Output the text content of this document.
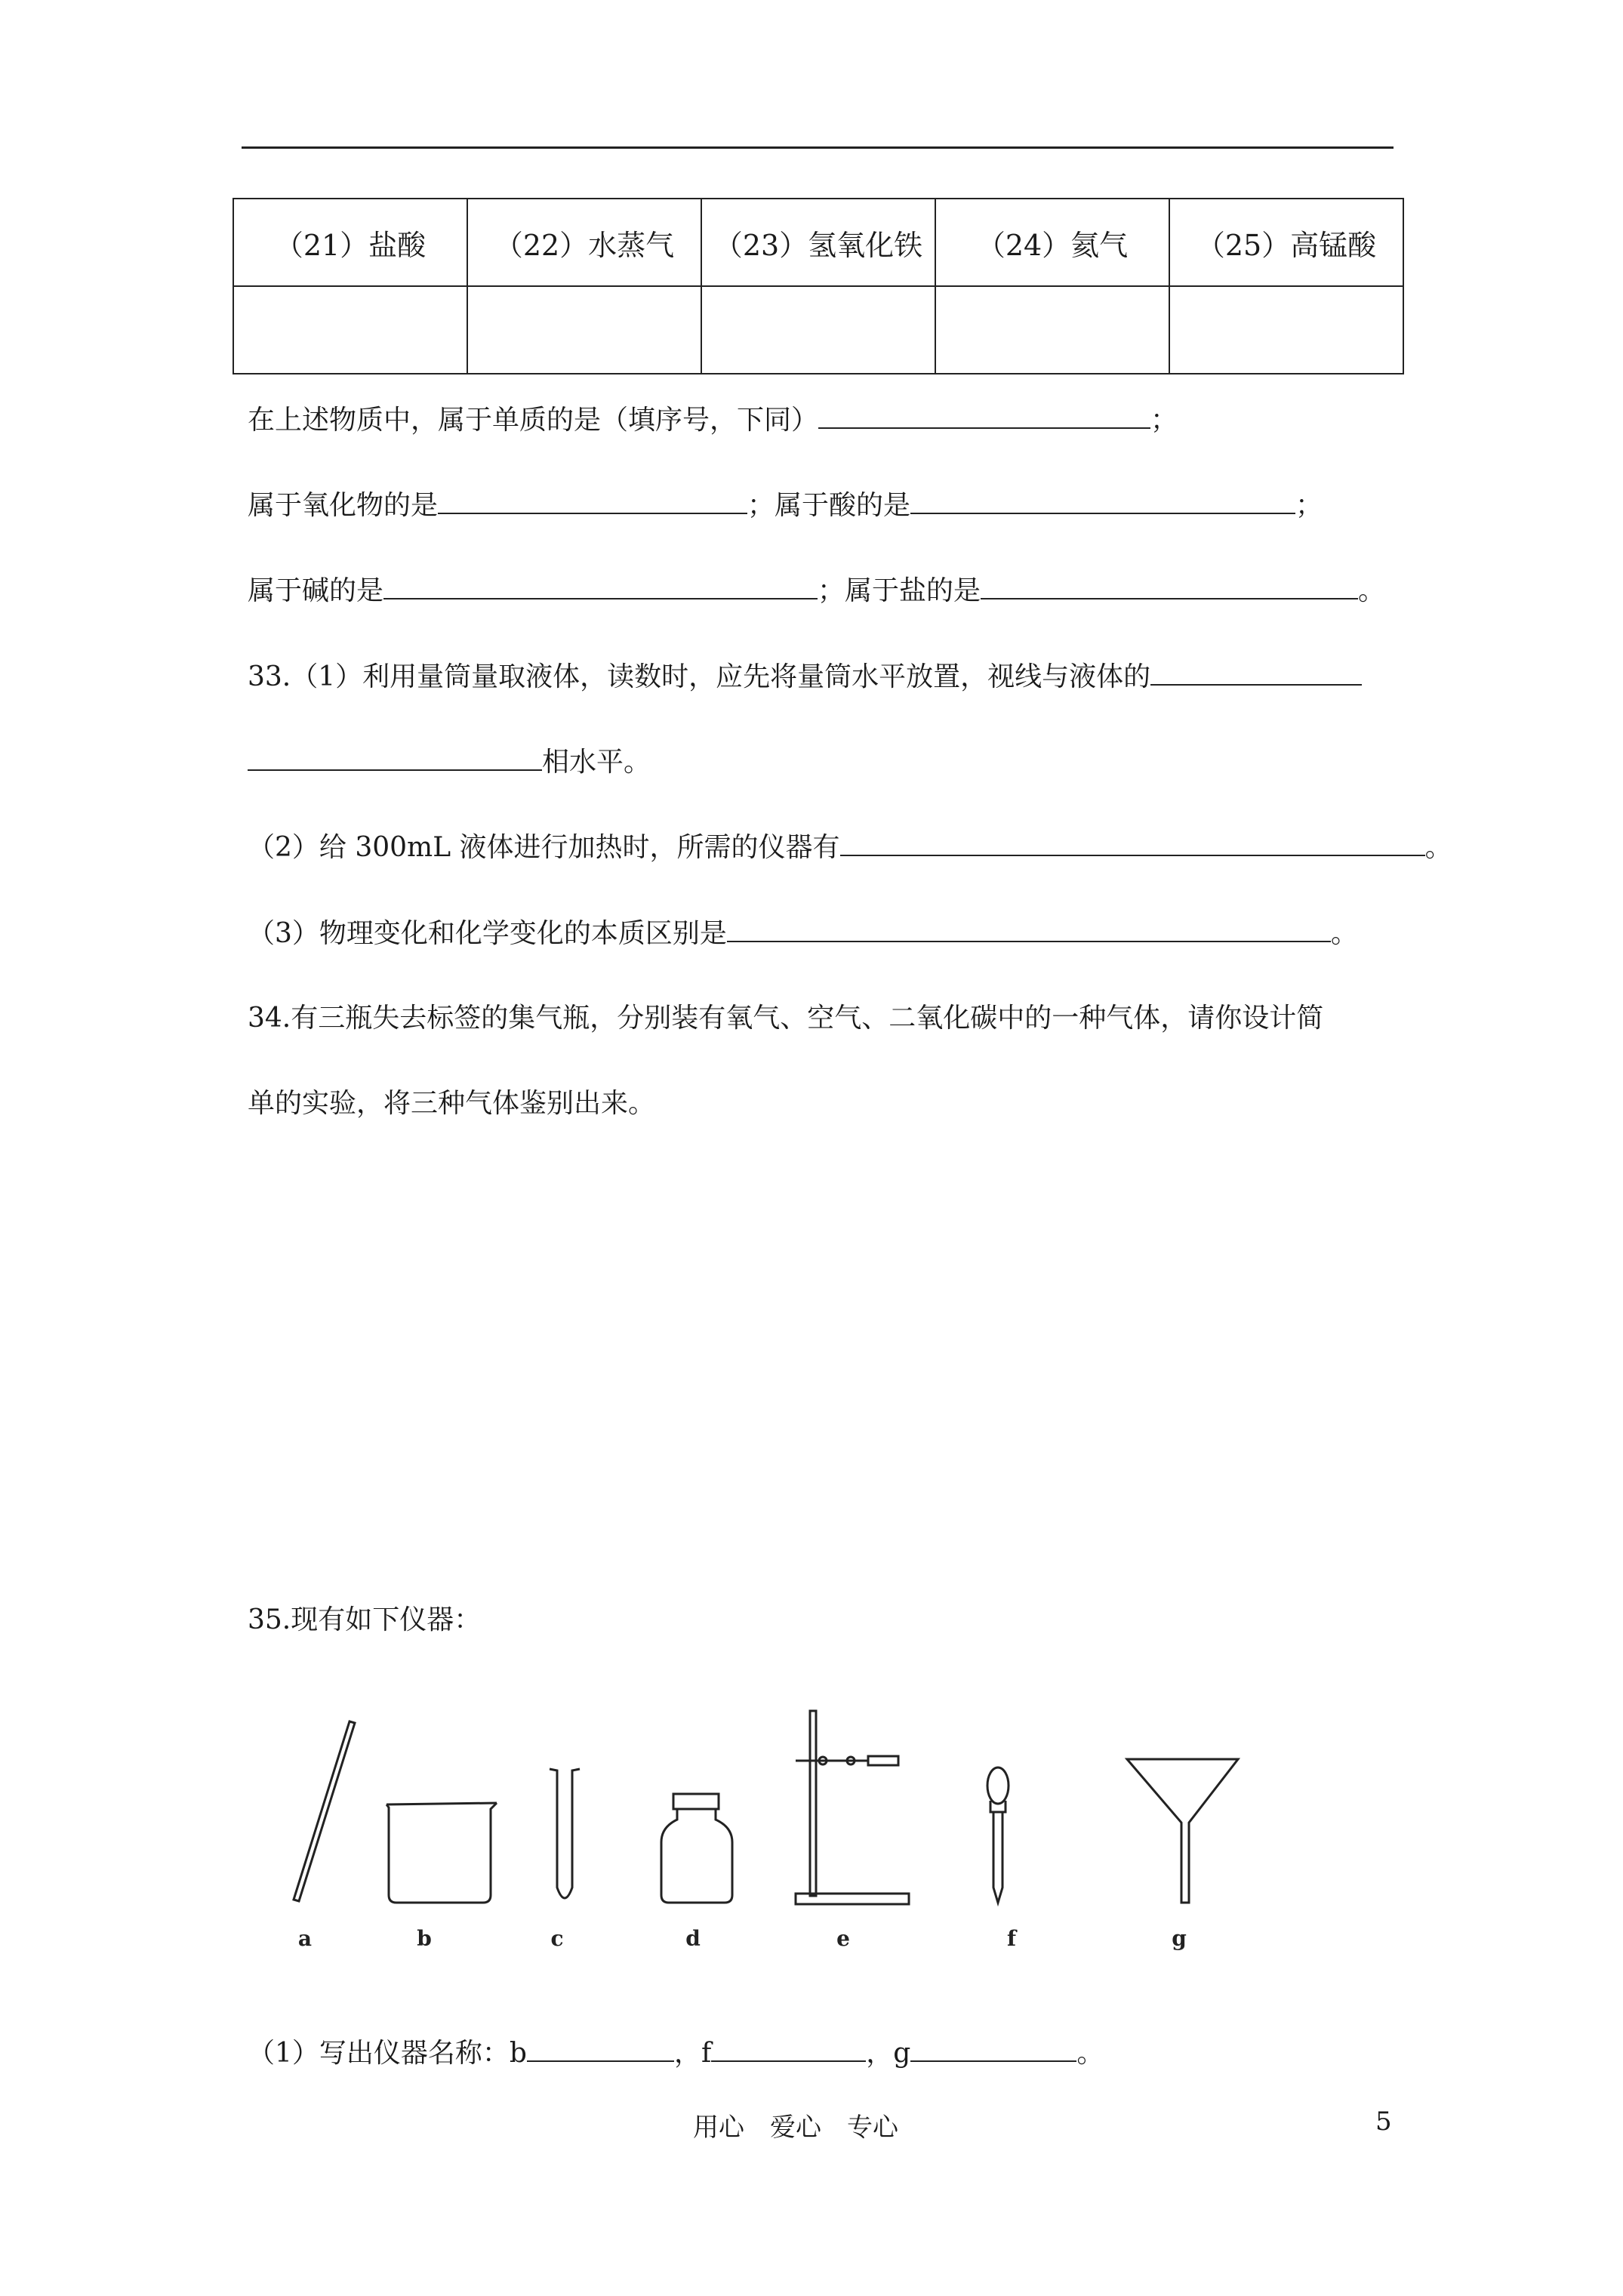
（21）盐酸	（22）水蒸气	（23）氢氧化铁	（24）氦气	（25）高锰酸

在上述物质中，属于单质的是（填序号，下同）	；
属于氧化物的是	；属于酸的是	；
属于碱的是	；属于盐的是	。
33.（1）利用量筒量取液体，读数时，应先将量筒水平放置，视线与液体的
相水平。
（2）给 300mL 液体进行加热时，所需的仪器有	。
（3）物理变化和化学变化的本质区别是	。
34.有三瓶失去标签的集气瓶，分别装有氧气、空气、二氧化碳中的一种气体，请你设计简
单的实验，将三种气体鉴别出来。
35.现有如下仪器：
a	b	c	d	e	f	g
（1）写出仪器名称：b	，f	，g	。
用心　爱心　专心	5
